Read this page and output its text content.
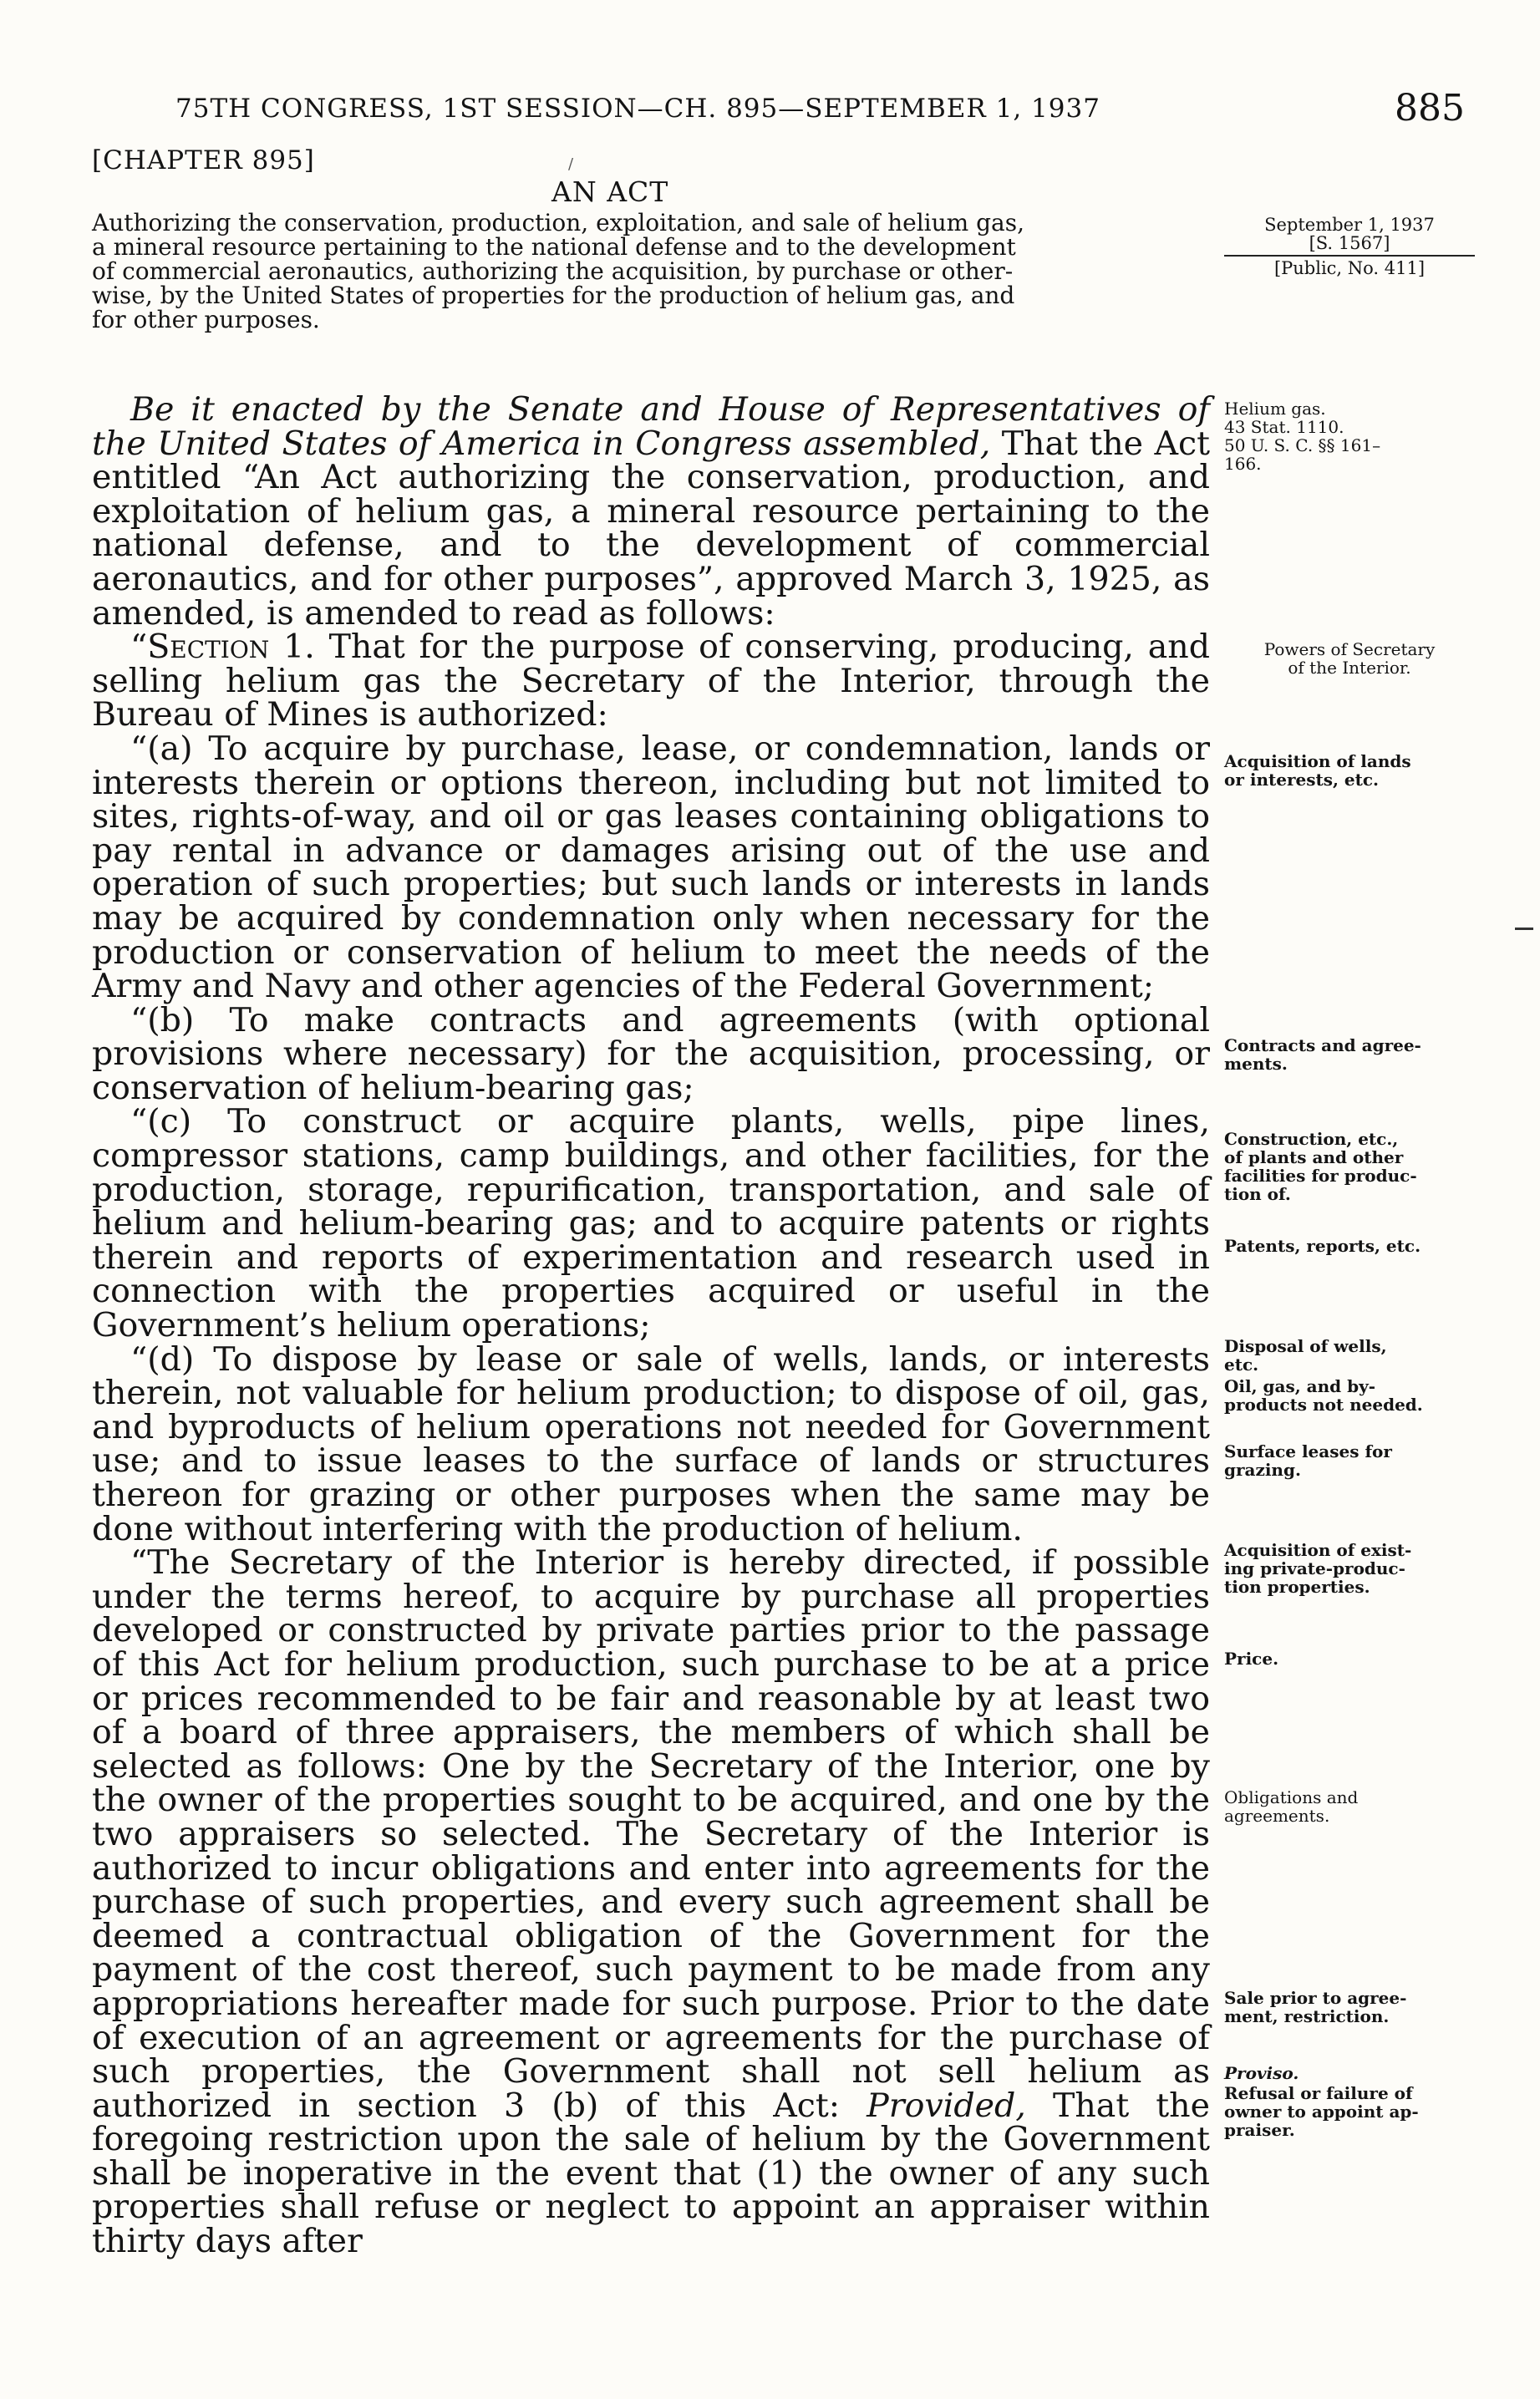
75TH CONGRESS, 1ST SESSION—CH. 895—SEPTEMBER 1, 1937	885
[CHAPTER 895]	/
AN ACT
Authorizing the conservation, production, exploitation, and sale of helium gas,
a mineral resource pertaining to the national defense and to the development
of commercial aeronautics, authorizing the acquisition, by purchase or other-
wise, by the United States of properties for the production of helium gas, and
for other purposes.
September 1, 1937
[S. 1567]
[Public, No. 411]

Be it enacted by the Senate and House of Representatives of the United States of America in Congress assembled, That the Act entitled “An Act authorizing the conservation, production, and exploitation of helium gas, a mineral resource pertaining to the national defense, and to the development of commercial aeronautics, and for other purposes”, approved March 3, 1925, as amended, is amended to read as follows:

“Section 1. That for the purpose of conserving, producing, and selling helium gas the Secretary of the Interior, through the Bureau of Mines is authorized:

“(a) To acquire by purchase, lease, or condemnation, lands or interests therein or options thereon, including but not limited to sites, rights-of-way, and oil or gas leases containing obligations to pay rental in advance or damages arising out of the use and operation of such properties; but such lands or interests in lands may be acquired by condemnation only when necessary for the production or conservation of helium to meet the needs of the Army and Navy and other agencies of the Federal Government;

“(b) To make contracts and agreements (with optional provisions where necessary) for the acquisition, processing, or conservation of helium-bearing gas;

“(c) To construct or acquire plants, wells, pipe lines, compressor stations, camp buildings, and other facilities, for the production, storage, repurification, transportation, and sale of helium and helium-bearing gas; and to acquire patents or rights therein and reports of experimentation and research used in connection with the properties acquired or useful in the Government’s helium operations;

“(d) To dispose by lease or sale of wells, lands, or interests therein, not valuable for helium production; to dispose of oil, gas, and byproducts of helium operations not needed for Government use; and to issue leases to the surface of lands or structures thereon for grazing or other purposes when the same may be done without interfering with the production of helium.

“The Secretary of the Interior is hereby directed, if possible under the terms hereof, to acquire by purchase all properties developed or constructed by private parties prior to the passage of this Act for helium production, such purchase to be at a price or prices recommended to be fair and reasonable by at least two of a board of three appraisers, the members of which shall be selected as follows: One by the Secretary of the Interior, one by the owner of the properties sought to be acquired, and one by the two appraisers so selected. The Secretary of the Interior is authorized to incur obligations and enter into agreements for the purchase of such properties, and every such agreement shall be deemed a contractual obligation of the Government for the payment of the cost thereof, such payment to be made from any appropriations hereafter made for such purpose. Prior to the date of execution of an agreement or agreements for the purchase of such properties, the Government shall not sell helium as authorized in section 3 (b) of this Act: Provided, That the foregoing restriction upon the sale of helium by the Government shall be inoperative in the event that (1) the owner of any such properties shall refuse or neglect to appoint an appraiser within thirty days after

Helium gas.
43 Stat. 1110.
50 U. S. C. §§ 161–
166.
Powers of Secretary
of the Interior.
Acquisition of lands
or interests, etc.
Contracts and agree-
ments.
Construction, etc.,
of plants and other
facilities for produc-
tion of.
Patents, reports, etc.
Disposal of wells,
etc.
Oil, gas, and by-
products not needed.
Surface leases for
grazing.
Acquisition of exist-
ing private-produc-
tion properties.
Price.
Obligations and
agreements.
Sale prior to agree-
ment, restriction.
Proviso.
Refusal or failure of
owner to appoint ap-
praiser.
